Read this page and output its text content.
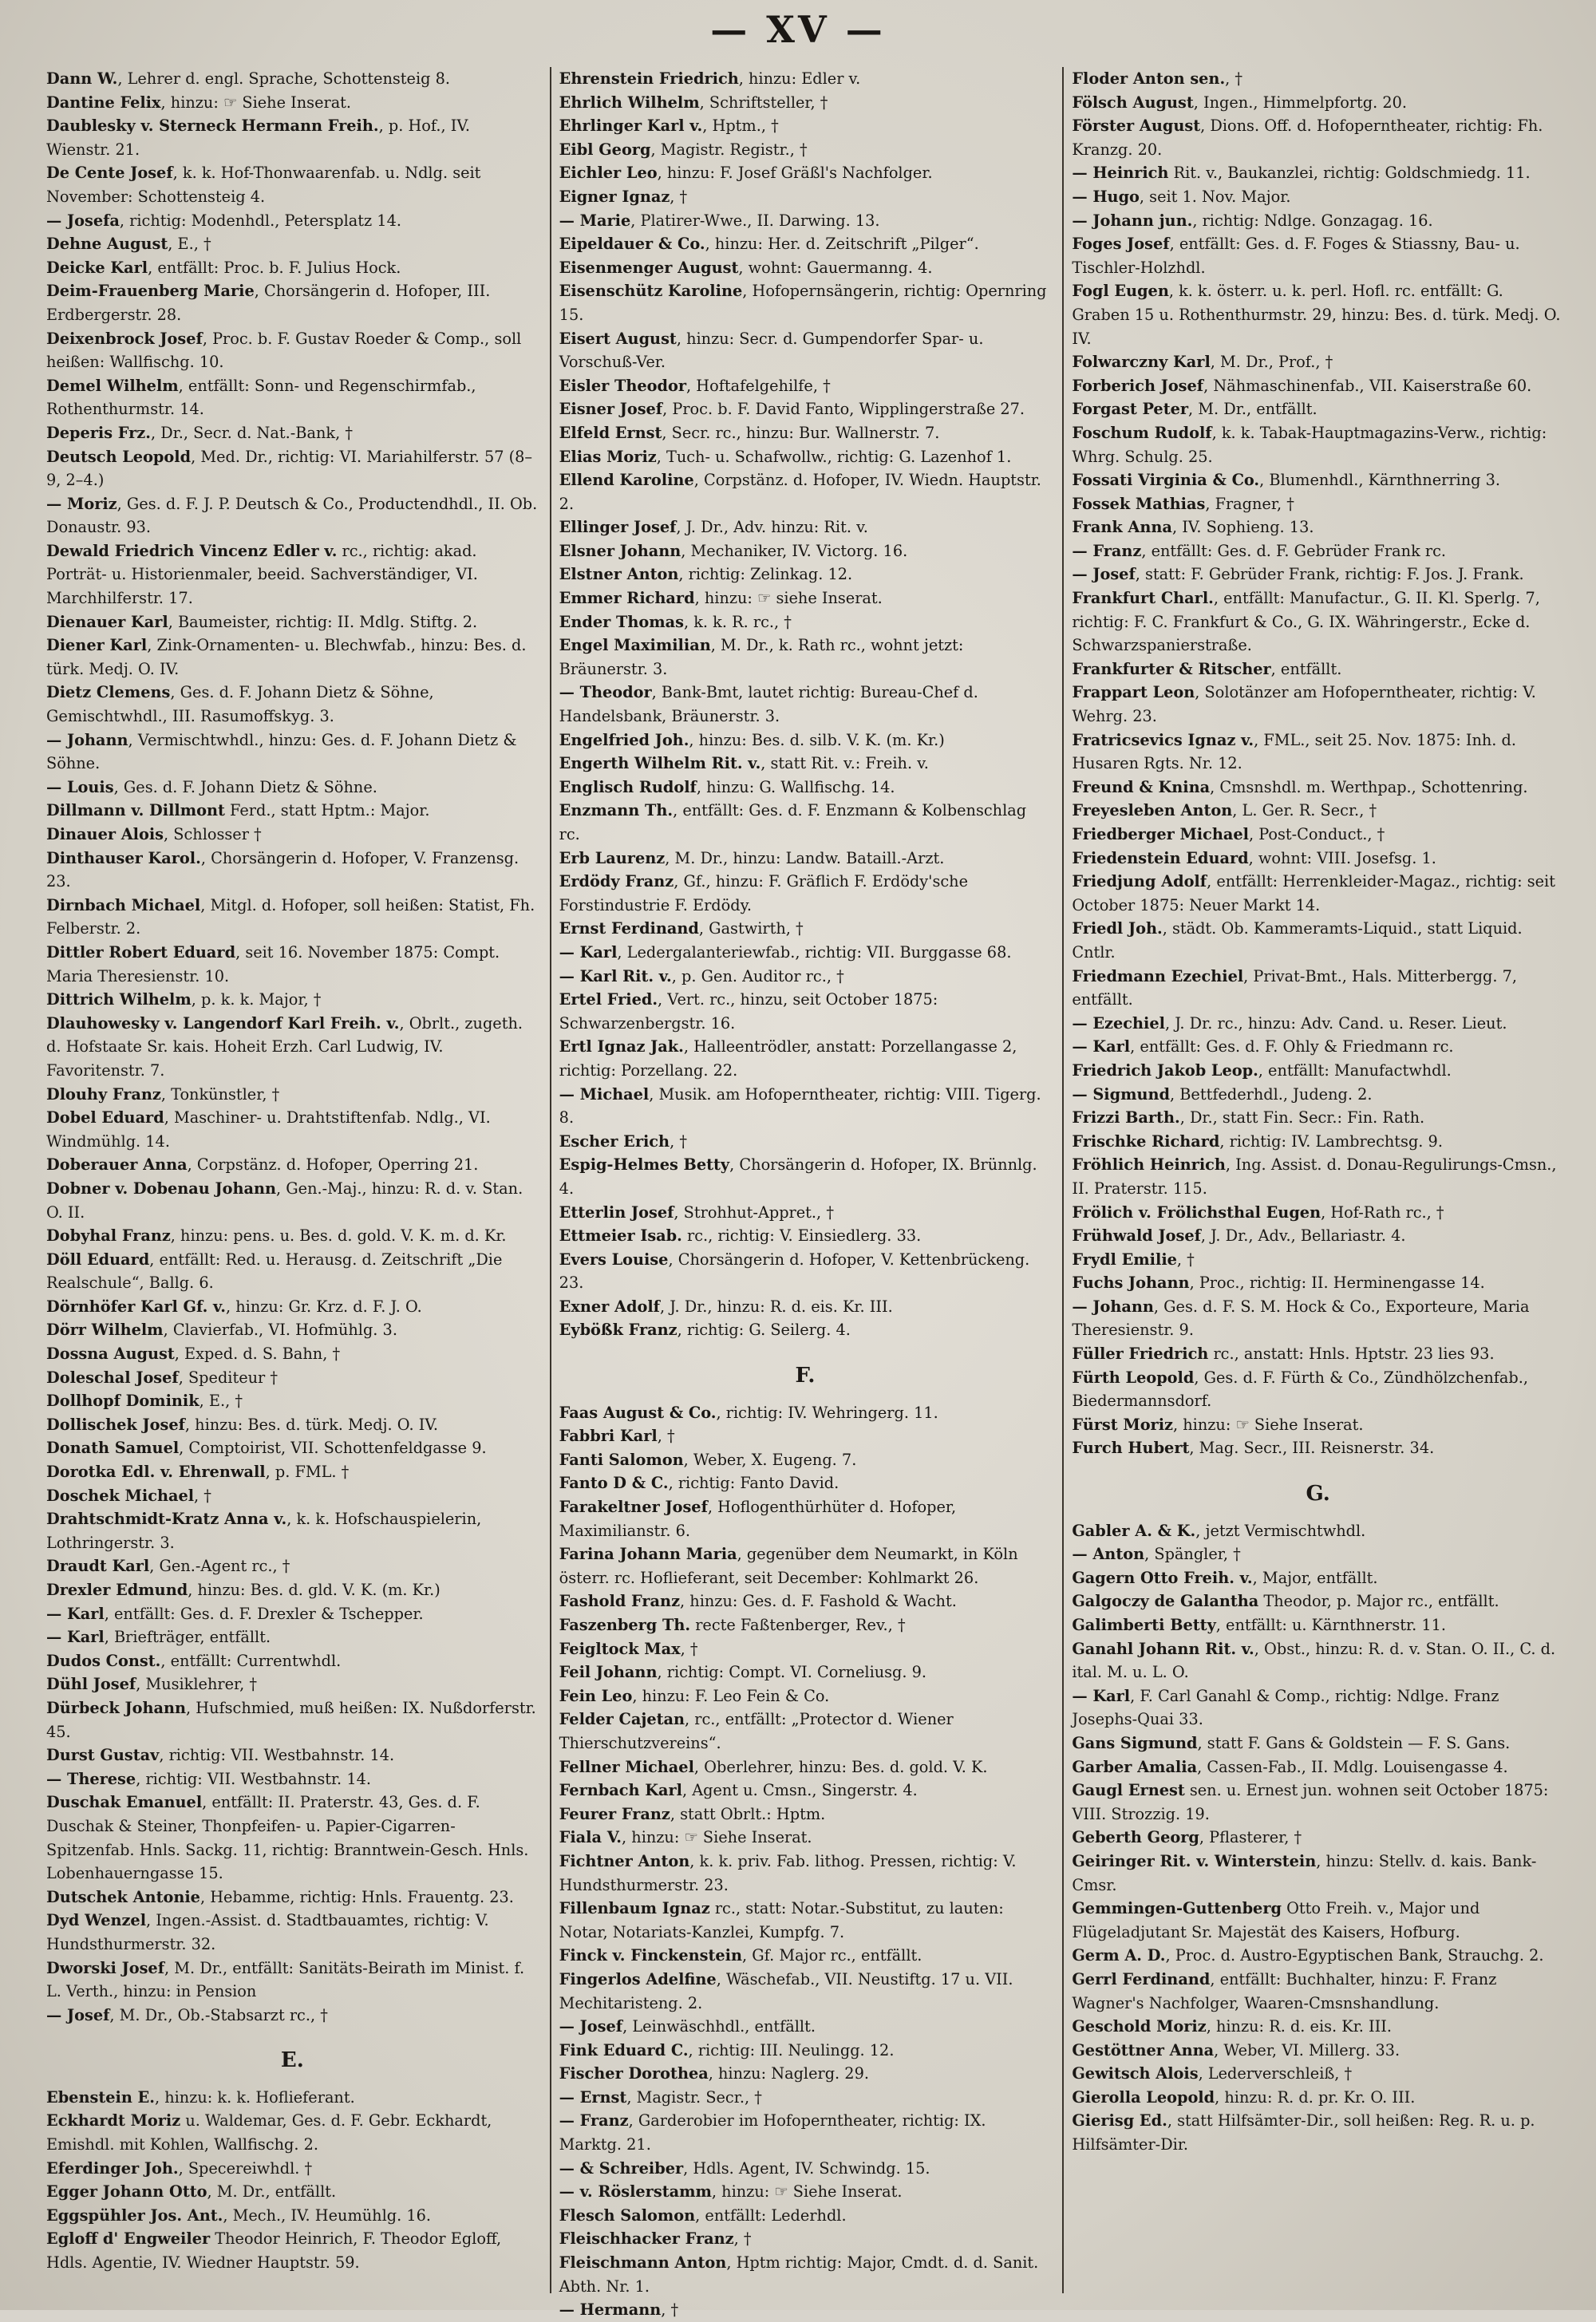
— XV —

Dann W., Lehrer d. engl. Sprache, Schottensteig 8.

Dantine Felix, hinzu: ☞ Siehe Inserat.

Daublesky v. Sterneck Hermann Freih., p. Hof., IV. Wienstr. 21.

De Cente Josef, k. k. Hof-Thonwaarenfab. u. Ndlg. seit November: Schottensteig 4.

— Josefa, richtig: Modenhdl., Petersplatz 14.

Dehne August, E., †

Deicke Karl, entfällt: Proc. b. F. Julius Hock.

Deim-Frauenberg Marie, Chorsängerin d. Hofoper, III. Erdbergerstr. 28.

Deixenbrock Josef, Proc. b. F. Gustav Roeder & Comp., soll heißen: Wallfischg. 10.

Demel Wilhelm, entfällt: Sonn- und Regenschirmfab., Rothenthurmstr. 14.

Deperis Frz., Dr., Secr. d. Nat.-Bank, †

Deutsch Leopold, Med. Dr., richtig: VI. Mariahilferstr. 57 (8–9, 2–4.)

— Moriz, Ges. d. F. J. P. Deutsch & Co., Productendhdl., II. Ob. Donaustr. 93.

Dewald Friedrich Vincenz Edler v. rc., richtig: akad. Porträt- u. Historienmaler, beeid. Sachverständiger, VI. Marchhilferstr. 17.

Dienauer Karl, Baumeister, richtig: II. Mdlg. Stiftg. 2.

Diener Karl, Zink-Ornamenten- u. Blechwfab., hinzu: Bes. d. türk. Medj. O. IV.

Dietz Clemens, Ges. d. F. Johann Dietz & Söhne, Gemischtwhdl., III. Rasumoffskyg. 3.

— Johann, Vermischtwhdl., hinzu: Ges. d. F. Johann Dietz & Söhne.

— Louis, Ges. d. F. Johann Dietz & Söhne.

Dillmann v. Dillmont Ferd., statt Hptm.: Major.

Dinauer Alois, Schlosser †

Dinthauser Karol., Chorsängerin d. Hofoper, V. Franzensg. 23.

Dirnbach Michael, Mitgl. d. Hofoper, soll heißen: Statist, Fh. Felberstr. 2.

Dittler Robert Eduard, seit 16. November 1875: Compt. Maria Theresienstr. 10.

Dittrich Wilhelm, p. k. k. Major, †

Dlauhowesky v. Langendorf Karl Freih. v., Obrlt., zugeth. d. Hofstaate Sr. kais. Hoheit Erzh. Carl Ludwig, IV. Favoritenstr. 7.

Dlouhy Franz, Tonkünstler, †

Dobel Eduard, Maschiner- u. Drahtstiftenfab. Ndlg., VI. Windmühlg. 14.

Doberauer Anna, Corpstänz. d. Hofoper, Operring 21.

Dobner v. Dobenau Johann, Gen.-Maj., hinzu: R. d. v. Stan. O. II.

Dobyhal Franz, hinzu: pens. u. Bes. d. gold. V. K. m. d. Kr.

Döll Eduard, entfällt: Red. u. Herausg. d. Zeitschrift „Die Realschule“, Ballg. 6.

Dörnhöfer Karl Gf. v., hinzu: Gr. Krz. d. F. J. O.

Dörr Wilhelm, Clavierfab., VI. Hofmühlg. 3.

Dossna August, Exped. d. S. Bahn, †

Doleschal Josef, Spediteur †

Dollhopf Dominik, E., †

Dollischek Josef, hinzu: Bes. d. türk. Medj. O. IV.

Donath Samuel, Comptoirist, VII. Schottenfeldgasse 9.

Dorotka Edl. v. Ehrenwall, p. FML. †

Doschek Michael, †

Drahtschmidt-Kratz Anna v., k. k. Hofschauspielerin, Lothringerstr. 3.

Draudt Karl, Gen.-Agent rc., †

Drexler Edmund, hinzu: Bes. d. gld. V. K. (m. Kr.)

— Karl, entfällt: Ges. d. F. Drexler & Tschepper.

— Karl, Briefträger, entfällt.

Dudos Const., entfällt: Currentwhdl.

Dühl Josef, Musiklehrer, †

Dürbeck Johann, Hufschmied, muß heißen: IX. Nußdorferstr. 45.

Durst Gustav, richtig: VII. Westbahnstr. 14.

— Therese, richtig: VII. Westbahnstr. 14.

Duschak Emanuel, entfällt: II. Praterstr. 43, Ges. d. F. Duschak & Steiner, Thonpfeifen- u. Papier-Cigarren-Spitzenfab. Hnls. Sackg. 11, richtig: Branntwein-Gesch. Hnls. Lobenhauerngasse 15.

Dutschek Antonie, Hebamme, richtig: Hnls. Frauentg. 23.

Dyd Wenzel, Ingen.-Assist. d. Stadtbauamtes, richtig: V. Hundsthurmerstr. 32.

Dworski Josef, M. Dr., entfällt: Sanitäts-Beirath im Minist. f. L. Verth., hinzu: in Pension

— Josef, M. Dr., Ob.-Stabsarzt rc., †

E.

Ebenstein E., hinzu: k. k. Hoflieferant.

Eckhardt Moriz u. Waldemar, Ges. d. F. Gebr. Eckhardt, Emishdl. mit Kohlen, Wallfischg. 2.

Eferdinger Joh., Specereiwhdl. †

Egger Johann Otto, M. Dr., entfällt.

Eggspühler Jos. Ant., Mech., IV. Heumühlg. 16.

Egloff d' Engweiler Theodor Heinrich, F. Theodor Egloff, Hdls. Agentie, IV. Wiedner Hauptstr. 59.

Ehrenstein Friedrich, hinzu: Edler v.

Ehrlich Wilhelm, Schriftsteller, †

Ehrlinger Karl v., Hptm., †

Eibl Georg, Magistr. Registr., †

Eichler Leo, hinzu: F. Josef Gräßl's Nachfolger.

Eigner Ignaz, †

— Marie, Platirer-Wwe., II. Darwing. 13.

Eipeldauer & Co., hinzu: Her. d. Zeitschrift „Pilger“.

Eisenmenger August, wohnt: Gauermanng. 4.

Eisenschütz Karoline, Hofopernsängerin, richtig: Opernring 15.

Eisert August, hinzu: Secr. d. Gumpendorfer Spar- u. Vorschuß-Ver.

Eisler Theodor, Hoftafelgehilfe, †

Eisner Josef, Proc. b. F. David Fanto, Wipplingerstraße 27.

Elfeld Ernst, Secr. rc., hinzu: Bur. Wallnerstr. 7.

Elias Moriz, Tuch- u. Schafwollw., richtig: G. Lazenhof 1.

Ellend Karoline, Corpstänz. d. Hofoper, IV. Wiedn. Hauptstr. 2.

Ellinger Josef, J. Dr., Adv. hinzu: Rit. v.

Elsner Johann, Mechaniker, IV. Victorg. 16.

Elstner Anton, richtig: Zelinkag. 12.

Emmer Richard, hinzu: ☞ siehe Inserat.

Ender Thomas, k. k. R. rc., †

Engel Maximilian, M. Dr., k. Rath rc., wohnt jetzt: Bräunerstr. 3.

— Theodor, Bank-Bmt, lautet richtig: Bureau-Chef d. Handelsbank, Bräunerstr. 3.

Engelfried Joh., hinzu: Bes. d. silb. V. K. (m. Kr.)

Engerth Wilhelm Rit. v., statt Rit. v.: Freih. v.

Englisch Rudolf, hinzu: G. Wallfischg. 14.

Enzmann Th., entfällt: Ges. d. F. Enzmann & Kolbenschlag rc.

Erb Laurenz, M. Dr., hinzu: Landw. Bataill.-Arzt.

Erdödy Franz, Gf., hinzu: F. Gräflich F. Erdödy'sche Forstindustrie F. Erdödy.

Ernst Ferdinand, Gastwirth, †

— Karl, Ledergalanteriewfab., richtig: VII. Burggasse 68.

— Karl Rit. v., p. Gen. Auditor rc., †

Ertel Fried., Vert. rc., hinzu, seit October 1875: Schwarzenbergstr. 16.

Ertl Ignaz Jak., Halleentrödler, anstatt: Porzellangasse 2, richtig: Porzellang. 22.

— Michael, Musik. am Hofoperntheater, richtig: VIII. Tigerg. 8.

Escher Erich, †

Espig-Helmes Betty, Chorsängerin d. Hofoper, IX. Brünnlg. 4.

Etterlin Josef, Strohhut-Appret., †

Ettmeier Isab. rc., richtig: V. Einsiedlerg. 33.

Evers Louise, Chorsängerin d. Hofoper, V. Kettenbrückeng. 23.

Exner Adolf, J. Dr., hinzu: R. d. eis. Kr. III.

Eybößk Franz, richtig: G. Seilerg. 4.

F.

Faas August & Co., richtig: IV. Wehringerg. 11.

Fabbri Karl, †

Fanti Salomon, Weber, X. Eugeng. 7.

Fanto D & C., richtig: Fanto David.

Farakeltner Josef, Hoflogenthürhüter d. Hofoper, Maximilianstr. 6.

Farina Johann Maria, gegenüber dem Neumarkt, in Köln österr. rc. Hoflieferant, seit December: Kohlmarkt 26.

Fashold Franz, hinzu: Ges. d. F. Fashold & Wacht.

Faszenberg Th. recte Faßtenberger, Rev., †

Feigltock Max, †

Feil Johann, richtig: Compt. VI. Corneliusg. 9.

Fein Leo, hinzu: F. Leo Fein & Co.

Felder Cajetan, rc., entfällt: „Protector d. Wiener Thierschutzvereins“.

Fellner Michael, Oberlehrer, hinzu: Bes. d. gold. V. K.

Fernbach Karl, Agent u. Cmsn., Singerstr. 4.

Feurer Franz, statt Obrlt.: Hptm.

Fiala V., hinzu: ☞ Siehe Inserat.

Fichtner Anton, k. k. priv. Fab. lithog. Pressen, richtig: V. Hundsthurmerstr. 23.

Fillenbaum Ignaz rc., statt: Notar.-Substitut, zu lauten: Notar, Notariats-Kanzlei, Kumpfg. 7.

Finck v. Finckenstein, Gf. Major rc., entfällt.

Fingerlos Adelfine, Wäschefab., VII. Neustiftg. 17 u. VII. Mechitaristeng. 2.

— Josef, Leinwäschhdl., entfällt.

Fink Eduard C., richtig: III. Neulingg. 12.

Fischer Dorothea, hinzu: Naglerg. 29.

— Ernst, Magistr. Secr., †

— Franz, Garderobier im Hofoperntheater, richtig: IX. Marktg. 21.

— & Schreiber, Hdls. Agent, IV. Schwindg. 15.

— v. Röslerstamm, hinzu: ☞ Siehe Inserat.

Flesch Salomon, entfällt: Lederhdl.

Fleischhacker Franz, †

Fleischmann Anton, Hptm richtig: Major, Cmdt. d. d. Sanit. Abth. Nr. 1.

— Hermann, †

Floder Anton sen., †

Fölsch August, Ingen., Himmelpfortg. 20.

Förster August, Dions. Off. d. Hofoperntheater, richtig: Fh. Kranzg. 20.

— Heinrich Rit. v., Baukanzlei, richtig: Goldschmiedg. 11.

— Hugo, seit 1. Nov. Major.

— Johann jun., richtig: Ndlge. Gonzagag. 16.

Foges Josef, entfällt: Ges. d. F. Foges & Stiassny, Bau- u. Tischler-Holzhdl.

Fogl Eugen, k. k. österr. u. k. perl. Hofl. rc. entfällt: G. Graben 15 u. Rothenthurmstr. 29, hinzu: Bes. d. türk. Medj. O. IV.

Folwarczny Karl, M. Dr., Prof., †

Forberich Josef, Nähmaschinenfab., VII. Kaiserstraße 60.

Forgast Peter, M. Dr., entfällt.

Foschum Rudolf, k. k. Tabak-Hauptmagazins-Verw., richtig: Whrg. Schulg. 25.

Fossati Virginia & Co., Blumenhdl., Kärnthnerring 3.

Fossek Mathias, Fragner, †

Frank Anna, IV. Sophieng. 13.

— Franz, entfällt: Ges. d. F. Gebrüder Frank rc.

— Josef, statt: F. Gebrüder Frank, richtig: F. Jos. J. Frank.

Frankfurt Charl., entfällt: Manufactur., G. II. Kl. Sperlg. 7, richtig: F. C. Frankfurt & Co., G. IX. Währingerstr., Ecke d. Schwarzspanierstraße.

Frankfurter & Ritscher, entfällt.

Frappart Leon, Solotänzer am Hofoperntheater, richtig: V. Wehrg. 23.

Fratricsevics Ignaz v., FML., seit 25. Nov. 1875: Inh. d. Husaren Rgts. Nr. 12.

Freund & Knina, Cmsnshdl. m. Werthpap., Schottenring.

Freyesleben Anton, L. Ger. R. Secr., †

Friedberger Michael, Post-Conduct., †

Friedenstein Eduard, wohnt: VIII. Josefsg. 1.

Friedjung Adolf, entfällt: Herrenkleider-Magaz., richtig: seit October 1875: Neuer Markt 14.

Friedl Joh., städt. Ob. Kammeramts-Liquid., statt Liquid. Cntlr.

Friedmann Ezechiel, Privat-Bmt., Hals. Mitterbergg. 7, entfällt.

— Ezechiel, J. Dr. rc., hinzu: Adv. Cand. u. Reser. Lieut.

— Karl, entfällt: Ges. d. F. Ohly & Friedmann rc.

Friedrich Jakob Leop., entfällt: Manufactwhdl.

— Sigmund, Bettfederhdl., Judeng. 2.

Frizzi Barth., Dr., statt Fin. Secr.: Fin. Rath.

Frischke Richard, richtig: IV. Lambrechtsg. 9.

Fröhlich Heinrich, Ing. Assist. d. Donau-Regulirungs-Cmsn., II. Praterstr. 115.

Frölich v. Frölichsthal Eugen, Hof-Rath rc., †

Frühwald Josef, J. Dr., Adv., Bellariastr. 4.

Frydl Emilie, †

Fuchs Johann, Proc., richtig: II. Herminengasse 14.

— Johann, Ges. d. F. S. M. Hock & Co., Exporteure, Maria Theresienstr. 9.

Füller Friedrich rc., anstatt: Hnls. Hptstr. 23 lies 93.

Fürth Leopold, Ges. d. F. Fürth & Co., Zündhölzchenfab., Biedermannsdorf.

Fürst Moriz, hinzu: ☞ Siehe Inserat.

Furch Hubert, Mag. Secr., III. Reisnerstr. 34.

G.

Gabler A. & K., jetzt Vermischtwhdl.

— Anton, Spängler, †

Gagern Otto Freih. v., Major, entfällt.

Galgoczy de Galantha Theodor, p. Major rc., entfällt.

Galimberti Betty, entfällt: u. Kärnthnerstr. 11.

Ganahl Johann Rit. v., Obst., hinzu: R. d. v. Stan. O. II., C. d. ital. M. u. L. O.

— Karl, F. Carl Ganahl & Comp., richtig: Ndlge. Franz Josephs-Quai 33.

Gans Sigmund, statt F. Gans & Goldstein — F. S. Gans.

Garber Amalia, Cassen-Fab., II. Mdlg. Louisengasse 4.

Gaugl Ernest sen. u. Ernest jun. wohnen seit October 1875: VIII. Strozzig. 19.

Geberth Georg, Pflasterer, †

Geiringer Rit. v. Winterstein, hinzu: Stellv. d. kais. Bank-Cmsr.

Gemmingen-Guttenberg Otto Freih. v., Major und Flügeladjutant Sr. Majestät des Kaisers, Hofburg.

Germ A. D., Proc. d. Austro-Egyptischen Bank, Strauchg. 2.

Gerrl Ferdinand, entfällt: Buchhalter, hinzu: F. Franz Wagner's Nachfolger, Waaren-Cmsnshandlung.

Geschold Moriz, hinzu: R. d. eis. Kr. III.

Gestöttner Anna, Weber, VI. Millerg. 33.

Gewitsch Alois, Lederverschleiß, †

Gierolla Leopold, hinzu: R. d. pr. Kr. O. III.

Gierisg Ed., statt Hilfsämter-Dir., soll heißen: Reg. R. u. p. Hilfsämter-Dir.
